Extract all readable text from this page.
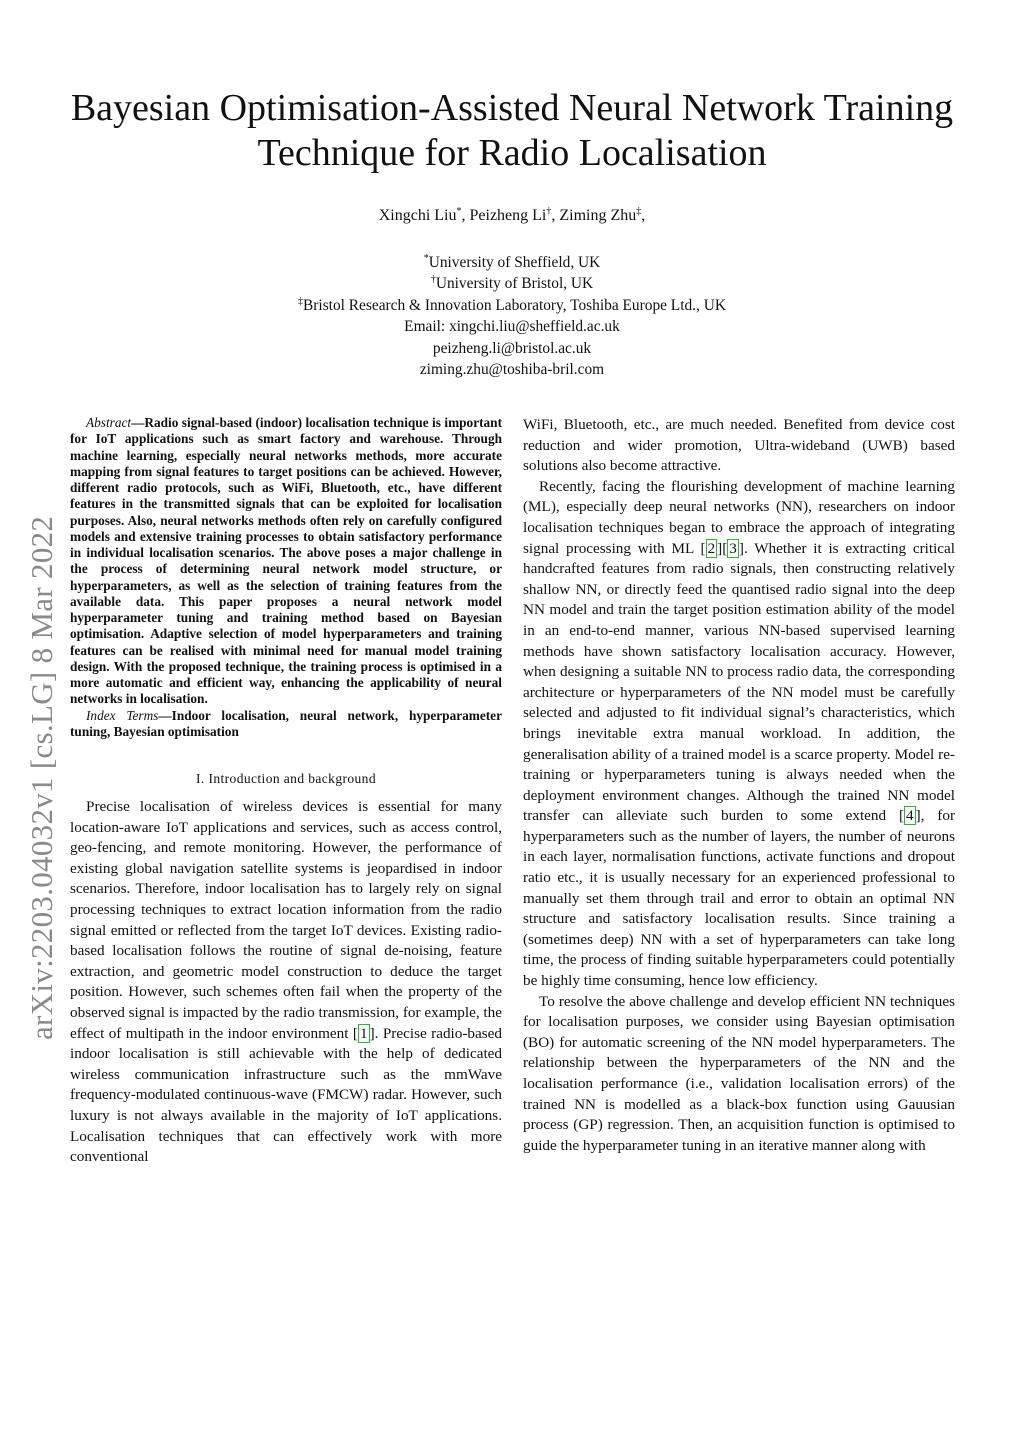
arXiv:2203.04032v1 [cs.LG] 8 Mar 2022
Bayesian Optimisation-Assisted Neural Network Training Technique for Radio Localisation
Xingchi Liu*, Peizheng Li†, Ziming Zhu‡,
*University of Sheffield, UK
†University of Bristol, UK
‡Bristol Research & Innovation Laboratory, Toshiba Europe Ltd., UK
Email: xingchi.liu@sheffield.ac.uk
peizheng.li@bristol.ac.uk
ziming.zhu@toshiba-bril.com

Abstract—Radio signal-based (indoor) localisation technique is important for IoT applications such as smart factory and warehouse. Through machine learning, especially neural networks methods, more accurate mapping from signal features to target positions can be achieved. However, different radio protocols, such as WiFi, Bluetooth, etc., have different features in the transmitted signals that can be exploited for localisation purposes. Also, neural networks methods often rely on carefully configured models and extensive training processes to obtain satisfactory performance in individual localisation scenarios. The above poses a major challenge in the process of determining neural network model structure, or hyperparameters, as well as the selection of training features from the available data. This paper proposes a neural network model hyperparameter tuning and training method based on Bayesian optimisation. Adaptive selection of model hyperparameters and training features can be realised with minimal need for manual model training design. With the proposed technique, the training process is optimised in a more automatic and efficient way, enhancing the applicability of neural networks in localisation.

Index Terms—Indoor localisation, neural network, hyperparameter tuning, Bayesian optimisation

I. Introduction and background

Precise localisation of wireless devices is essential for many location-aware IoT applications and services, such as access control, geo-fencing, and remote monitoring. However, the performance of existing global navigation satellite systems is jeopardised in indoor scenarios. Therefore, indoor localisation has to largely rely on signal processing techniques to extract location information from the radio signal emitted or reflected from the target IoT devices. Existing radio-based localisation follows the routine of signal de-noising, feature extraction, and geometric model construction to deduce the target position. However, such schemes often fail when the property of the observed signal is impacted by the radio transmission, for example, the effect of multipath in the indoor environment [ 1 ]. Precise radio-based indoor localisation is still achievable with the help of dedicated wireless communication infrastructure such as the mmWave frequency-modulated continuous-wave (FMCW) radar. However, such luxury is not always available in the majority of IoT applications. Localisation techniques that can effectively work with more conventional

WiFi, Bluetooth, etc., are much needed. Benefited from device cost reduction and wider promotion, Ultra-wideband (UWB) based solutions also become attractive.

Recently, facing the flourishing development of machine learning (ML), especially deep neural networks (NN), researchers on indoor localisation techniques began to embrace the approach of integrating signal processing with ML [ 2 ][ 3 ]. Whether it is extracting critical handcrafted features from radio signals, then constructing relatively shallow NN, or directly feed the quantised radio signal into the deep NN model and train the target position estimation ability of the model in an end-to-end manner, various NN-based supervised learning methods have shown satisfactory localisation accuracy. However, when designing a suitable NN to process radio data, the corresponding architecture or hyperparameters of the NN model must be carefully selected and adjusted to fit individual signal’s characteristics, which brings inevitable extra manual workload. In addition, the generalisation ability of a trained model is a scarce property. Model re-training or hyperparameters tuning is always needed when the deployment environment changes. Although the trained NN model transfer can alleviate such burden to some extend [ 4 ], for hyperparameters such as the number of layers, the number of neurons in each layer, normalisation functions, activate functions and dropout ratio etc., it is usually necessary for an experienced professional to manually set them through trail and error to obtain an optimal NN structure and satisfactory localisation results. Since training a (sometimes deep) NN with a set of hyperparameters can take long time, the process of finding suitable hyperparameters could potentially be highly time consuming, hence low efficiency.

To resolve the above challenge and develop efficient NN techniques for localisation purposes, we consider using Bayesian optimisation (BO) for automatic screening of the NN model hyperparameters. The relationship between the hyperparameters of the NN and the localisation performance (i.e., validation localisation errors) of the trained NN is modelled as a black-box function using Gauusian process (GP) regression. Then, an acquisition function is optimised to guide the hyperparameter tuning in an iterative manner along with
